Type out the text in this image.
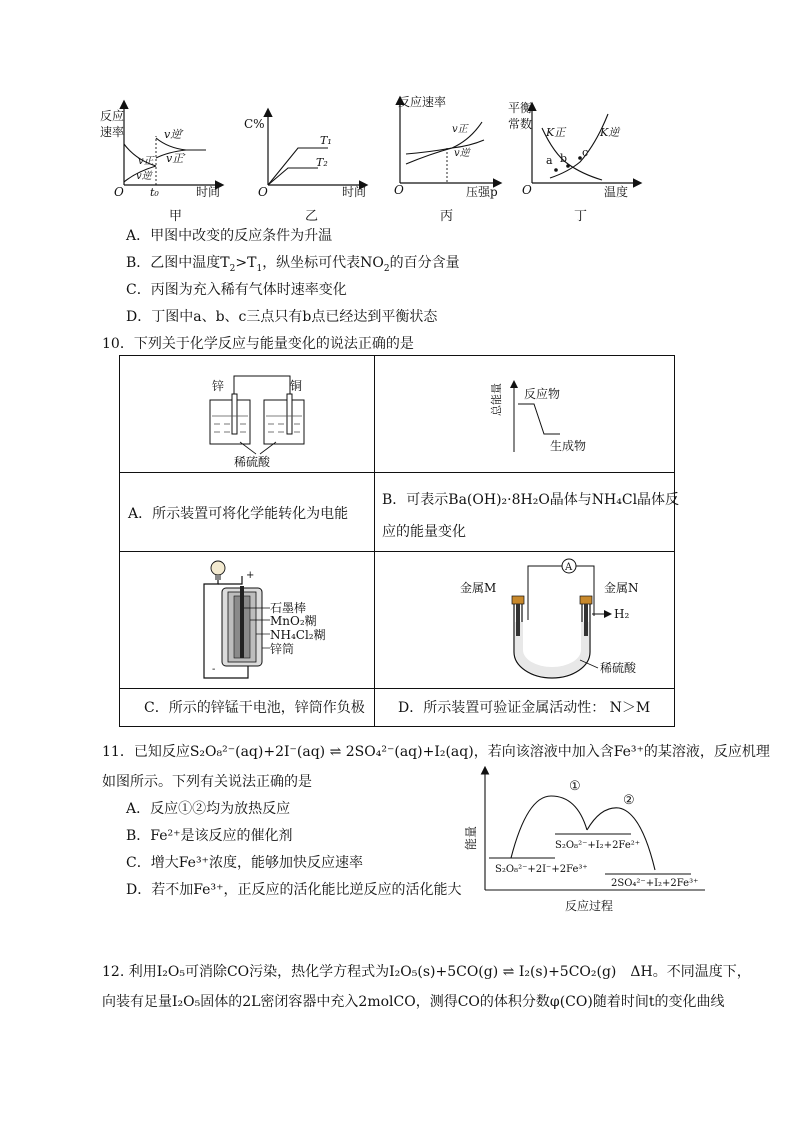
反应
速率
O t₀	时间
v逆′
v正′
v正
v逆
甲
C%
O	时间
T₁
T₂
乙
反应速率
O	压强p
v正
v逆
丙
平衡
常数
O	温度
K正	K逆
a b c
丁
A．甲图中改变的反应条件为升温
B．乙图中温度$T_2>T_1$，纵坐标可代表$NO_2$的百分含量
C．丙图为充入稀有气体时速率变化
D．丁图中a、b、c三点只有b点已经达到平衡状态
10．下列关于化学反应与能量变化的说法正确的是
锌	铜
稀硫酸
总能量 反应物
生成物
A．所示装置可将化学能转化为电能
B．可表示Ba(OH)₂·8H₂O晶体与NH₄Cl晶体反
应的能量变化
+
-
石墨棒
MnO₂糊
NH₄Cl₂糊
锌筒
A
金属M	金属N
H₂
稀硫酸
C．所示的锌锰干电池，锌筒作负极 D．所示装置可验证金属活动性： N＞M
11．已知反应S₂O₈²⁻(aq)+2I⁻(aq) ⇌ 2SO₄²⁻(aq)+I₂(aq)，若向该溶液中加入含Fe³⁺的某溶液，反应机理
如图所示。下列有关说法正确的是
A．反应①②均为放热反应
B．Fe²⁺是该反应的催化剂
C．增大Fe³⁺浓度，能够加快反应速率
D．若不加Fe³⁺，正反应的活化能比逆反应的活化能大
能量
反应过程
①
②
S₂O₈²⁻+2I⁻+2Fe³⁺
S₂O₈²⁻+I₂+2Fe²⁺
2SO₄²⁻+I₂+2Fe³⁺
12. 利用I₂O₅可消除CO污染，热化学方程式为I₂O₅(s)+5CO(g) ⇌ I₂(s)+5CO₂(g)　ΔH。不同温度下，
向装有足量I₂O₅固体的2L密闭容器中充入2molCO，测得CO的体积分数φ(CO)随着时间t的变化曲线
